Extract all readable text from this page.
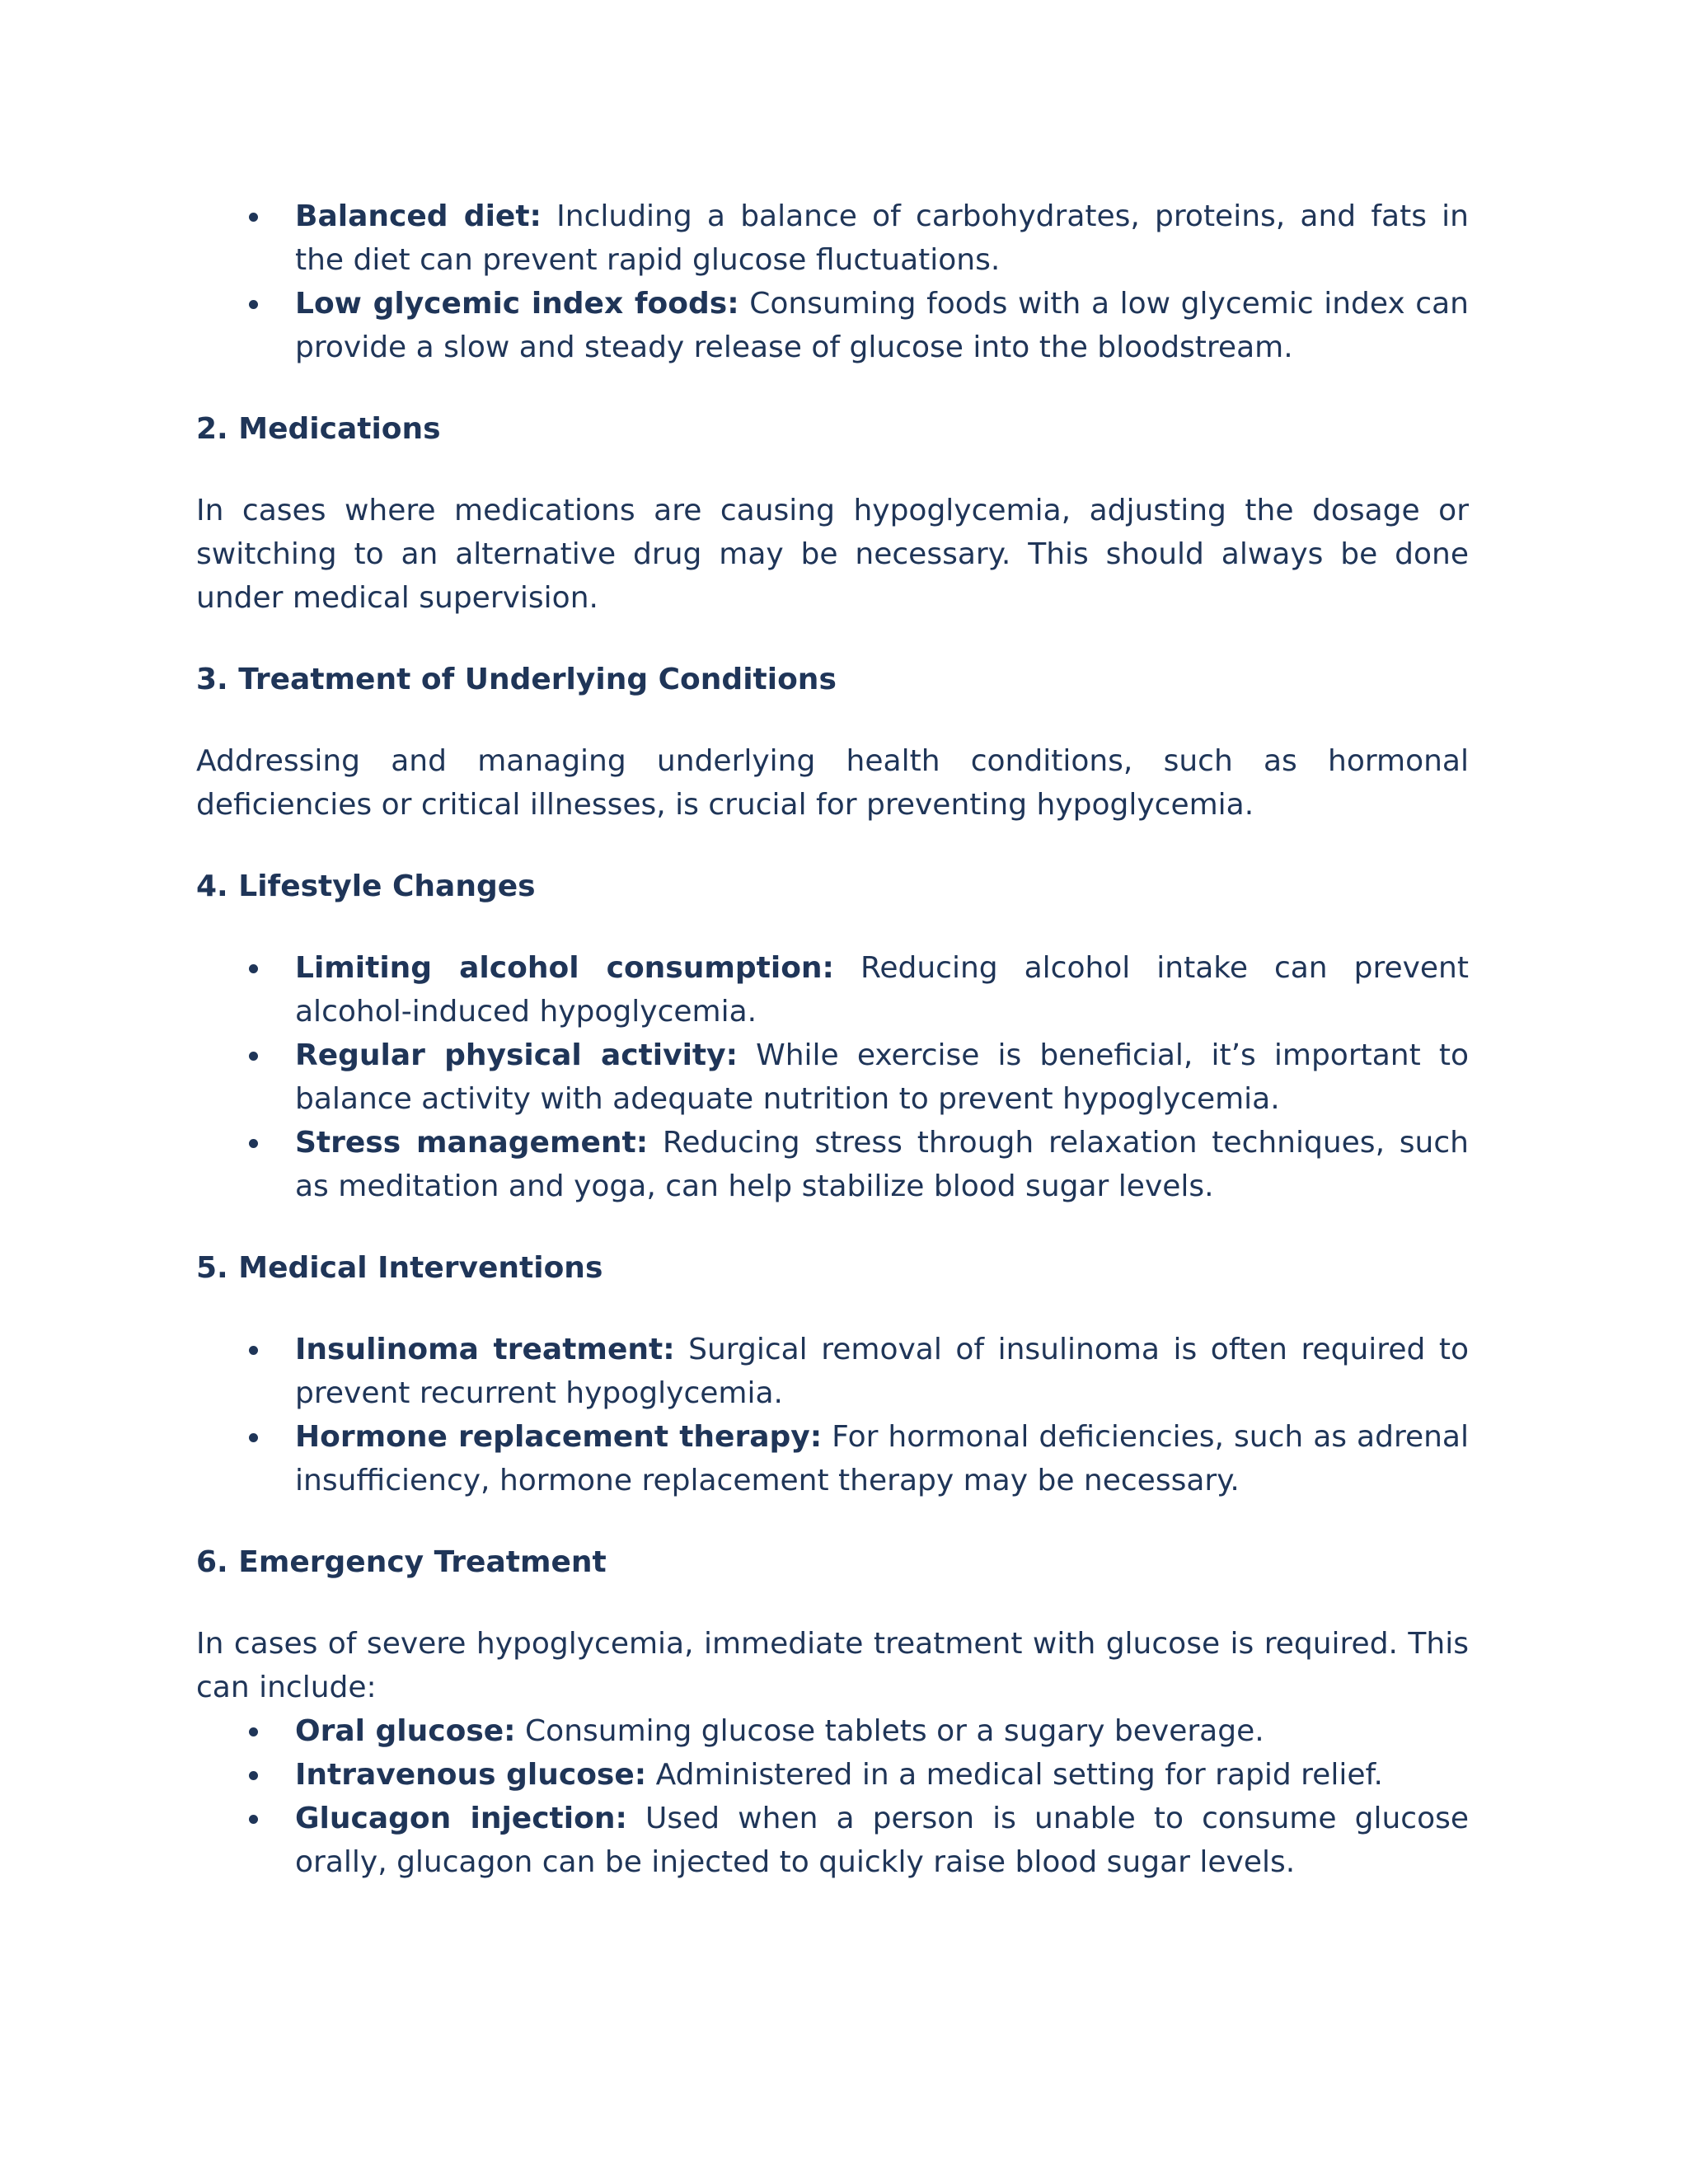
Balanced diet: Including a balance of carbohydrates, proteins, and fats in the diet can prevent rapid glucose fluctuations.
Low glycemic index foods: Consuming foods with a low glycemic index can provide a slow and steady release of glucose into the bloodstream.
2. Medications

In cases where medications are causing hypoglycemia, adjusting the dosage or switching to an alternative drug may be necessary. This should always be done under medical supervision.

3. Treatment of Underlying Conditions

Addressing and managing underlying health conditions, such as hormonal deficiencies or critical illnesses, is crucial for preventing hypoglycemia.

4. Lifestyle Changes
Limiting alcohol consumption: Reducing alcohol intake can prevent alcohol-induced hypoglycemia.
Regular physical activity: While exercise is beneficial, it’s important to balance activity with adequate nutrition to prevent hypoglycemia.
Stress management: Reducing stress through relaxation techniques, such as meditation and yoga, can help stabilize blood sugar levels.
5. Medical Interventions
Insulinoma treatment: Surgical removal of insulinoma is often required to prevent recurrent hypoglycemia.
Hormone replacement therapy: For hormonal deficiencies, such as adrenal insufficiency, hormone replacement therapy may be necessary.
6. Emergency Treatment

In cases of severe hypoglycemia, immediate treatment with glucose is required. This can include:

Oral glucose: Consuming glucose tablets or a sugary beverage.
Intravenous glucose: Administered in a medical setting for rapid relief.
Glucagon injection: Used when a person is unable to consume glucose orally, glucagon can be injected to quickly raise blood sugar levels.
